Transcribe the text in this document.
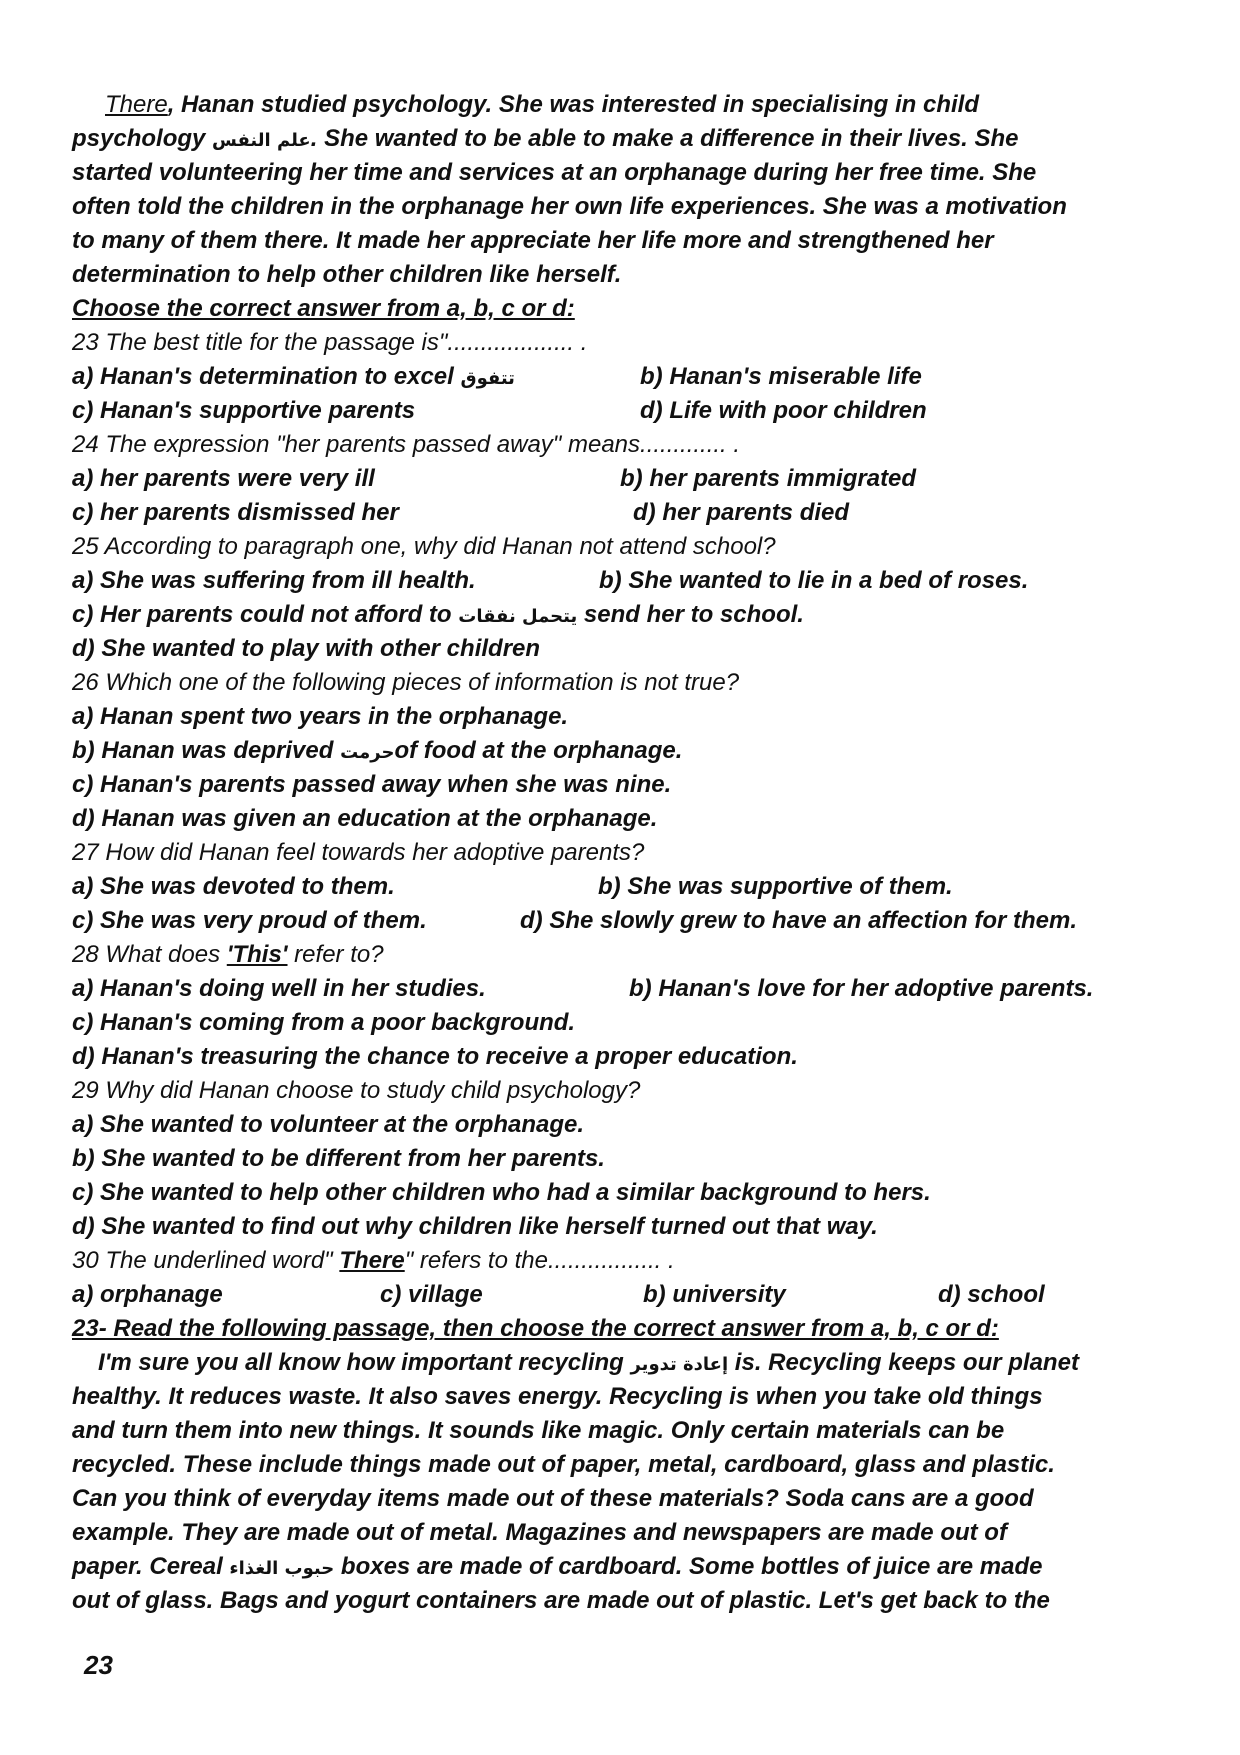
There, Hanan studied psychology. She was interested in specialising in child
psychology علم النفس. She wanted to be able to make a difference in their lives. She
started volunteering her time and services at an orphanage during her free time. She
often told the children in the orphanage her own life experiences. She was a motivation
to many of them there. It made her appreciate her life more and strengthened her
determination to help other children like herself.
Choose the correct answer from a, b, c or d:
23 The best title for the passage is"................... .
a) Hanan's determination to excel تتفوق	b) Hanan's miserable life
c) Hanan's supportive parents	d) Life with poor children
24 The expression "her parents passed away" means............. .
a) her parents were very ill	b) her parents immigrated
c) her parents dismissed her	d) her parents died
25 According to paragraph one, why did Hanan not attend school?
a) She was suffering from ill health.	b) She wanted to lie in a bed of roses.
c) Her parents could not afford to يتحمل نفقات send her to school.
d) She wanted to play with other children
26 Which one of the following pieces of information is not true?
a) Hanan spent two years in the orphanage.
b) Hanan was deprived حرمتof food at the orphanage.
c) Hanan's parents passed away when she was nine.
d) Hanan was given an education at the orphanage.
27 How did Hanan feel towards her adoptive parents?
a) She was devoted to them.	b) She was supportive of them.
c) She was very proud of them.	d) She slowly grew to have an affection for them.
28 What does 'This' refer to?
a) Hanan's doing well in her studies.	b) Hanan's love for her adoptive parents.
c) Hanan's coming from a poor background.
d) Hanan's treasuring the chance to receive a proper education.
29 Why did Hanan choose to study child psychology?
a) She wanted to volunteer at the orphanage.
b) She wanted to be different from her parents.
c) She wanted to help other children who had a similar background to hers.
d) She wanted to find out why children like herself turned out that way.
30 The underlined word" There" refers to the................. .
a) orphanage	c) village	b) university	d) school
23- Read the following passage, then choose the correct answer from a, b, c or d:
I'm sure you all know how important recycling إعادة تدوير is. Recycling keeps our planet
healthy. It reduces waste. It also saves energy. Recycling is when you take old things
and turn them into new things. It sounds like magic. Only certain materials can be
recycled. These include things made out of paper, metal, cardboard, glass and plastic.
Can you think of everyday items made out of these materials? Soda cans are a good
example. They are made out of metal. Magazines and newspapers are made out of
paper. Cereal حبوب الغذاء boxes are made of cardboard. Some bottles of juice are made
out of glass. Bags and yogurt containers are made out of plastic. Let's get back to the
23
